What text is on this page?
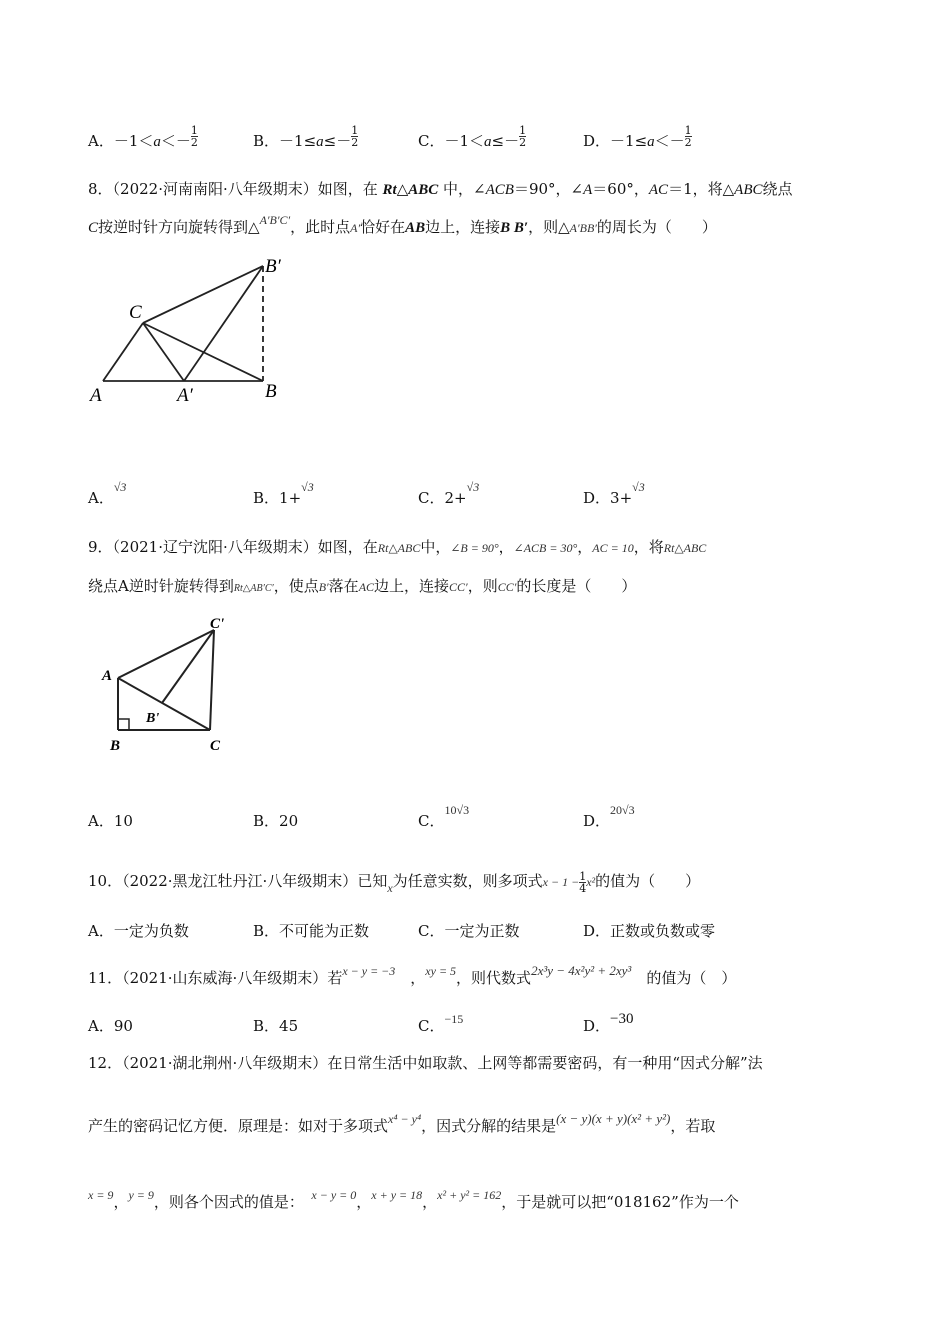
A．$-1<a<- \frac{1}{2}$	B．$-1\le a\le- \frac{1}{2}$	C．$-1<a\le- \frac{1}{2}$	D．$-1\le a<- \frac{1}{2}$
8．（2022·河南南阳·八年级期末）如图，在 Rt△ABC 中，∠ACB＝90°，∠A＝60°，AC＝1，将△ABC绕点
C按逆时针方向旋转得到△$^{A'B'C'}$，此时点A′恰好在AB边上，连接B B′，则△A′BB′的周长为（　　）
C
A	A′	B
B′
A．$^{√3}$
B．1+$^{√3}$
C．2+$^{√3}$
D．3+$^{√3}$
9．（2021·辽宁沈阳·八年级期末）如图，在Rt△ABC中，∠B = 90°，∠ACB = 30°，AC = 10，将Rt△ABC
绕点A逆时针旋转得到Rt△AB′C′，使点B′落在AC边上，连接CC′，则CC′的长度是（　　）
A
B	C
B'
C'
A．10	B．20	C．$^{10√3}$
D．$^{20√3}$
10．（2022·黑龙江牡丹江·八年级期末）已知$_x$为任意实数，则多项式$x - 1 - \frac{1}{4} x^2$的值为（　　）
A．一定为负数	B．不可能为正数	C．一定为正数	D．正数或负数或零
11．（2021·山东威海·八年级期末）若$^{x - y = -3}$　，$^{xy = 5}$，则代数式2x³y − 4x²y² + 2xy³　 的值为（　）
A．90	B．45	C．$^{-15}$	D．−30
12．（2021·湖北荆州·八年级期末）在日常生活中如取款、上网等都需要密码，有一种用“因式分解”法
产生的密码记忆方便．原理是：如对于多项式$^{x^4 - y^4}$，因式分解的结果是(x − y)(x + y)(x² + y²)，若取
$^{x = 9}$，$^{y = 9}$，则各个因式的值是：　 $^{x - y = 0}$，$^{x + y = 18}$，$^{x^2 + y^2 = 162}$，于是就可以把“018162”作为一个
